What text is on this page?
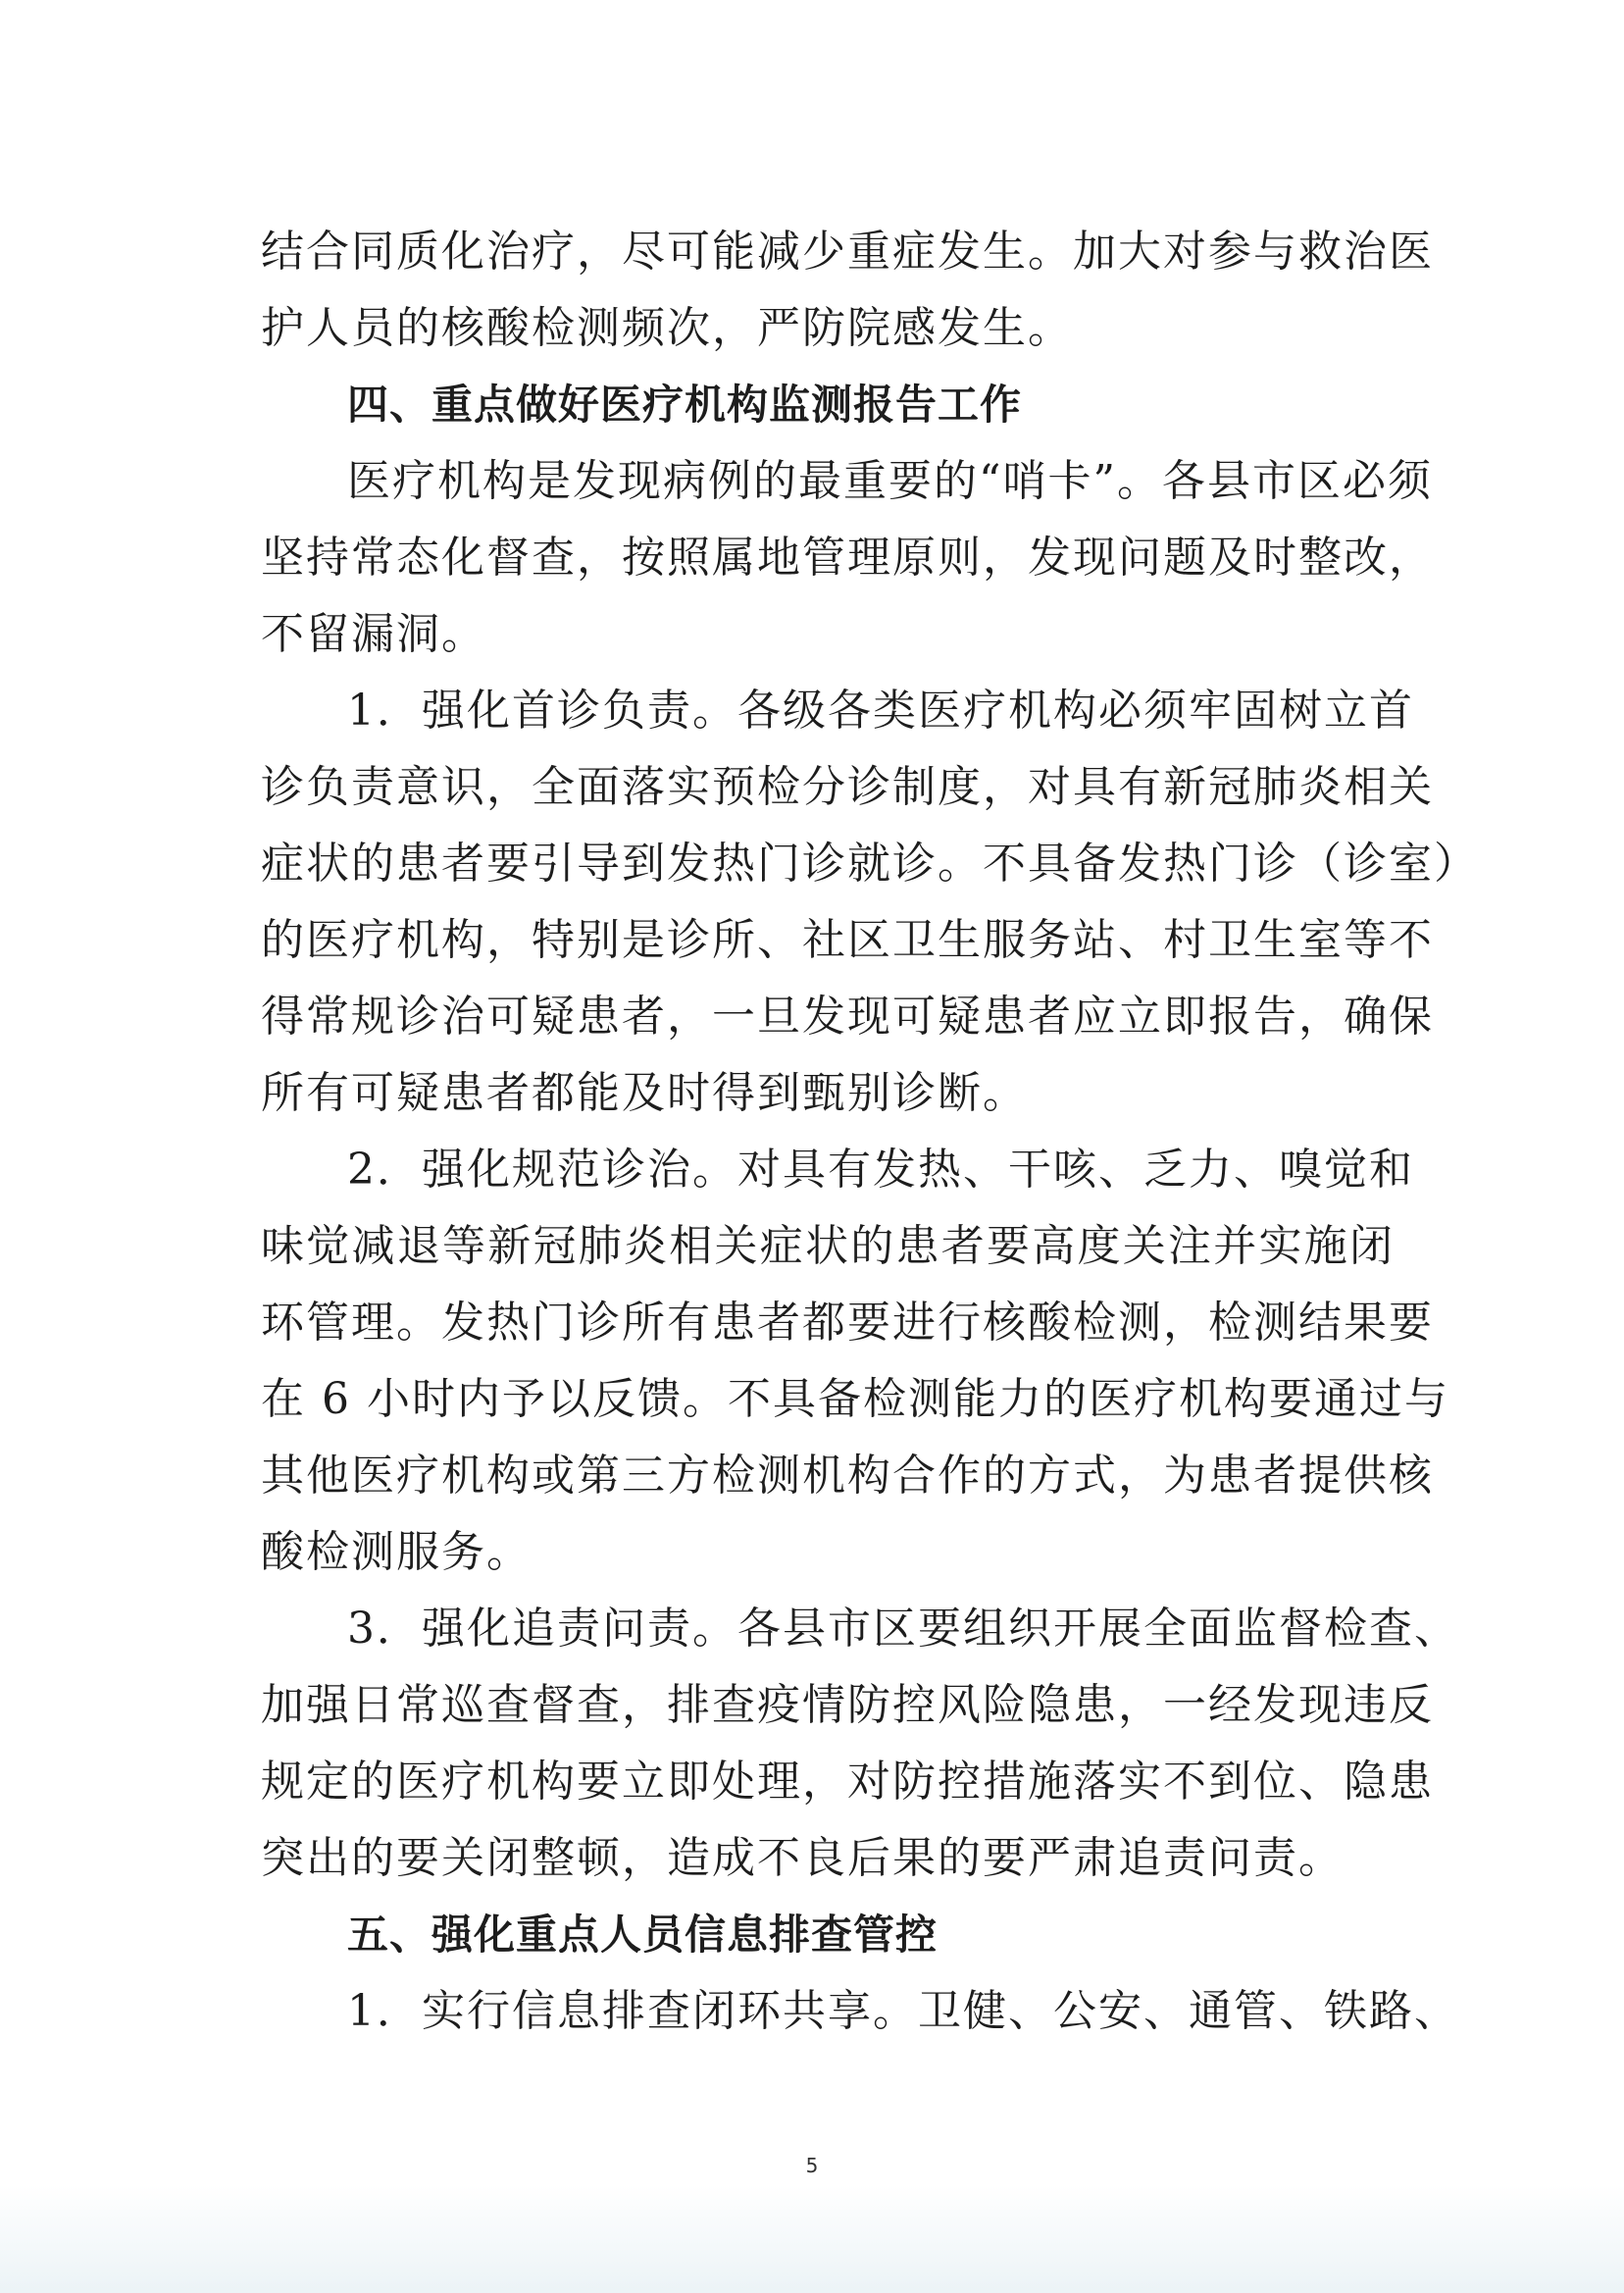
结合同质化治疗，尽可能减少重症发生。加大对参与救治医
护人员的核酸检测频次，严防院感发生。
四、重点做好医疗机构监测报告工作
医疗机构是发现病例的最重要的“哨卡”。各县市区必须
坚持常态化督查，按照属地管理原则，发现问题及时整改，
不留漏洞。
1．强化首诊负责。各级各类医疗机构必须牢固树立首
诊负责意识，全面落实预检分诊制度，对具有新冠肺炎相关
症状的患者要引导到发热门诊就诊。不具备发热门诊（诊室）
的医疗机构，特别是诊所、社区卫生服务站、村卫生室等不
得常规诊治可疑患者，一旦发现可疑患者应立即报告，确保
所有可疑患者都能及时得到甄别诊断。
2．强化规范诊治。对具有发热、干咳、乏力、嗅觉和
味觉减退等新冠肺炎相关症状的患者要高度关注并实施闭
环管理。发热门诊所有患者都要进行核酸检测，检测结果要
在 6 小时内予以反馈。不具备检测能力的医疗机构要通过与
其他医疗机构或第三方检测机构合作的方式，为患者提供核
酸检测服务。
3．强化追责问责。各县市区要组织开展全面监督检查、
加强日常巡查督查，排查疫情防控风险隐患，一经发现违反
规定的医疗机构要立即处理，对防控措施落实不到位、隐患
突出的要关闭整顿，造成不良后果的要严肃追责问责。
五、强化重点人员信息排查管控
1．实行信息排查闭环共享。卫健、公安、通管、铁路、
5
